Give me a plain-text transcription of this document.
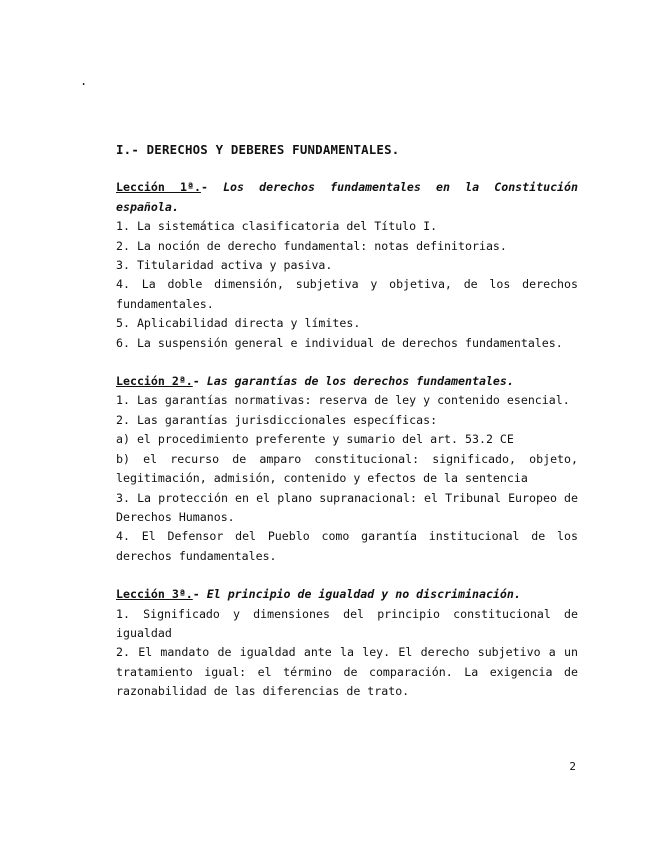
.
I.- DERECHOS Y DEBERES FUNDAMENTALES.
Lección 1ª.- Los derechos fundamentales en la Constitución española.

1. La sistemática clasificatoria del Título I.

2. La noción de derecho fundamental: notas definitorias.

3. Titularidad activa y pasiva.

4. La doble dimensión, subjetiva y objetiva, de los derechos fundamentales.

5. Aplicabilidad directa y límites.

6. La suspensión general e individual de derechos fundamentales.

Lección 2ª.- Las garantías de los derechos fundamentales.

1. Las garantías normativas: reserva de ley y contenido esencial.

2. Las garantías jurisdiccionales específicas:

a) el procedimiento preferente y sumario del art. 53.2 CE

b) el recurso de amparo constitucional: significado, objeto, legitimación, admisión, contenido y efectos de la sentencia

3. La protección en el plano supranacional: el Tribunal Europeo de Derechos Humanos.

4. El Defensor del Pueblo como garantía institucional de los derechos fundamentales.

Lección 3ª.- El principio de igualdad y no discriminación.

1. Significado y dimensiones del principio constitucional de igualdad

2. El mandato de igualdad ante la ley. El derecho subjetivo a un tratamiento igual: el término de comparación. La exigencia de razonabilidad de las diferencias de trato.

2
